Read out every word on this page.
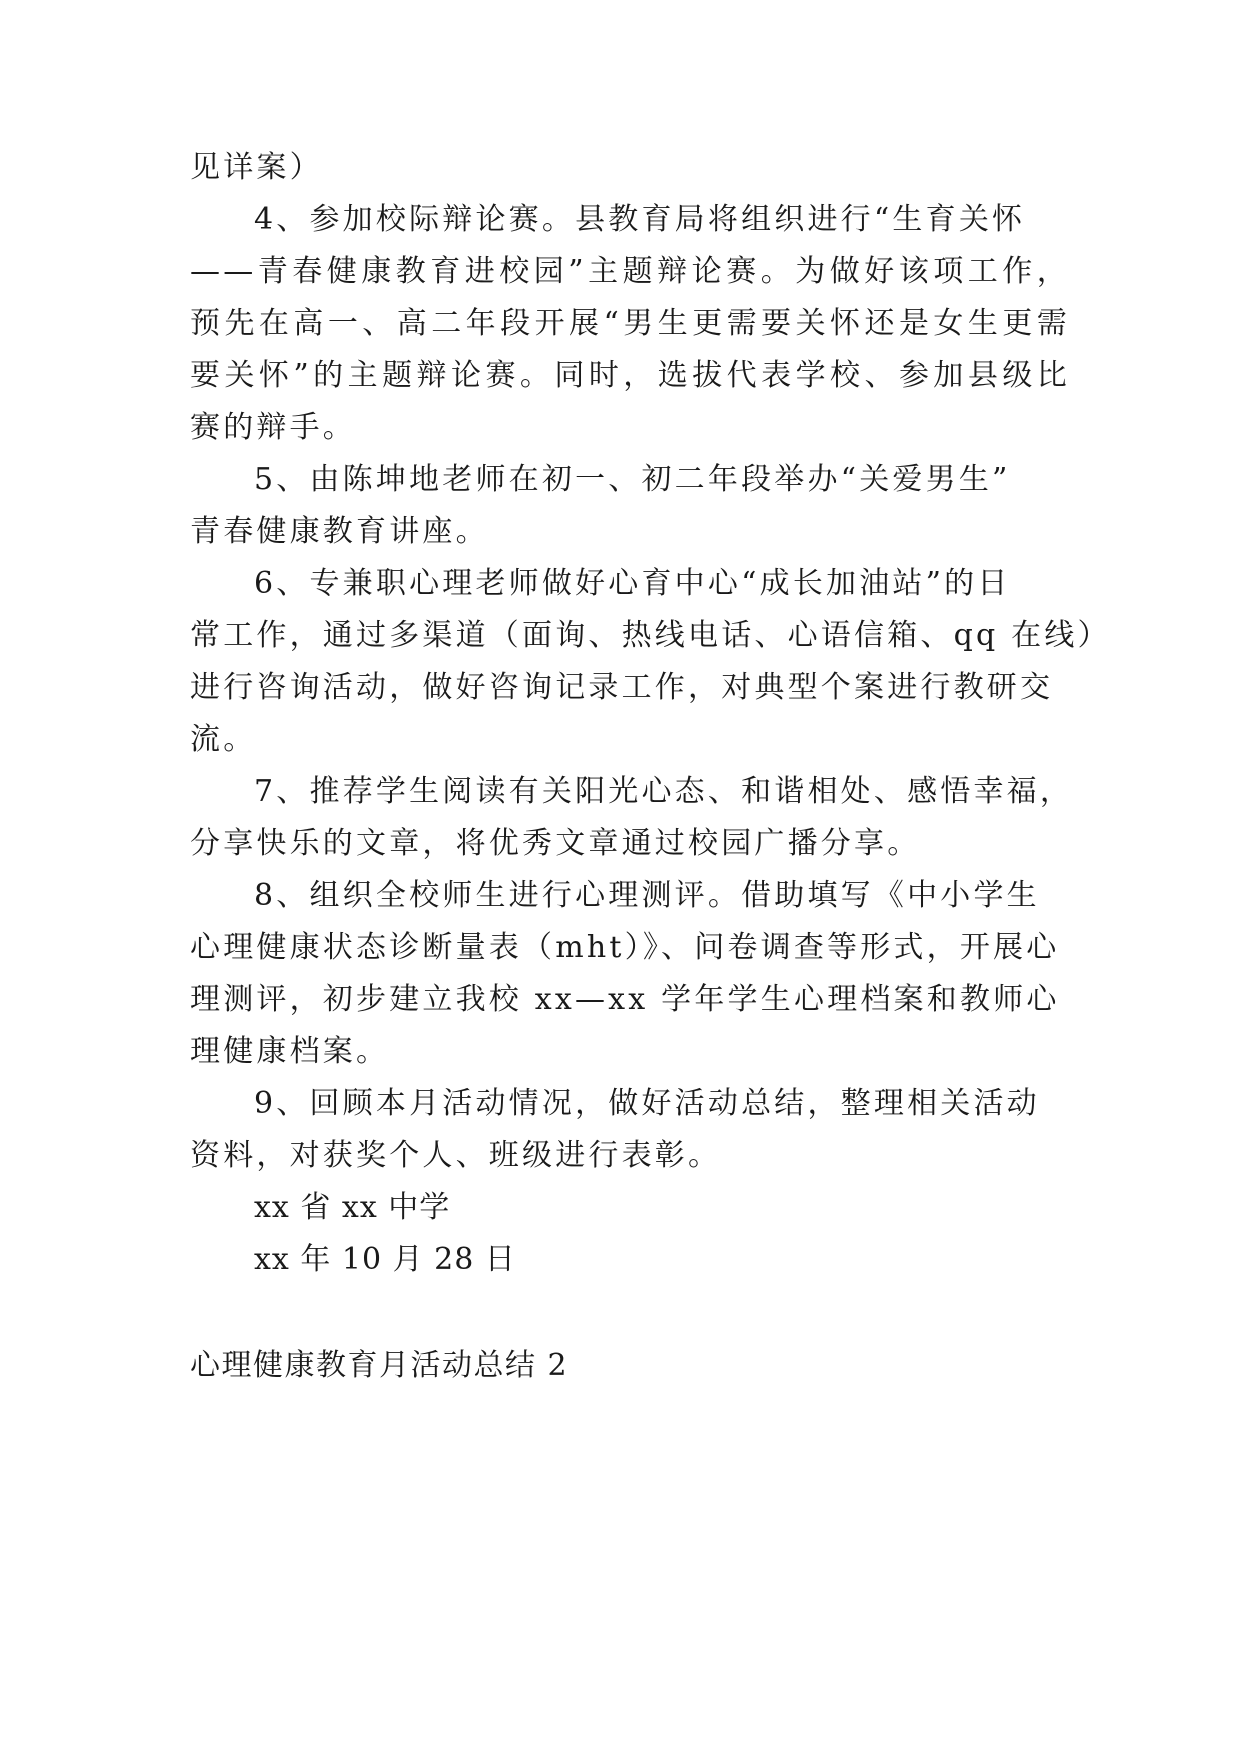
见详案）
4、参加校际辩论赛。县教育局将组织进行“生育关怀
——青春健康教育进校园”主题辩论赛。为做好该项工作，
预先在高一、高二年段开展“男生更需要关怀还是女生更需
要关怀”的主题辩论赛。同时，选拔代表学校、参加县级比
赛的辩手。
5、由陈坤地老师在初一、初二年段举办“关爱男生”
青春健康教育讲座。
6、专兼职心理老师做好心育中心“成长加油站”的日
常工作，通过多渠道（面询、热线电话、心语信箱、qq 在线）
进行咨询活动，做好咨询记录工作，对典型个案进行教研交
流。
7、推荐学生阅读有关阳光心态、和谐相处、感悟幸福，
分享快乐的文章，将优秀文章通过校园广播分享。
8、组织全校师生进行心理测评。借助填写《中小学生
心理健康状态诊断量表（mht）》、问卷调查等形式，开展心
理测评，初步建立我校 xx—xx 学年学生心理档案和教师心
理健康档案。
9、回顾本月活动情况，做好活动总结，整理相关活动
资料，对获奖个人、班级进行表彰。
xx 省 xx 中学
xx 年 10 月 28 日
心理健康教育月活动总结 2
